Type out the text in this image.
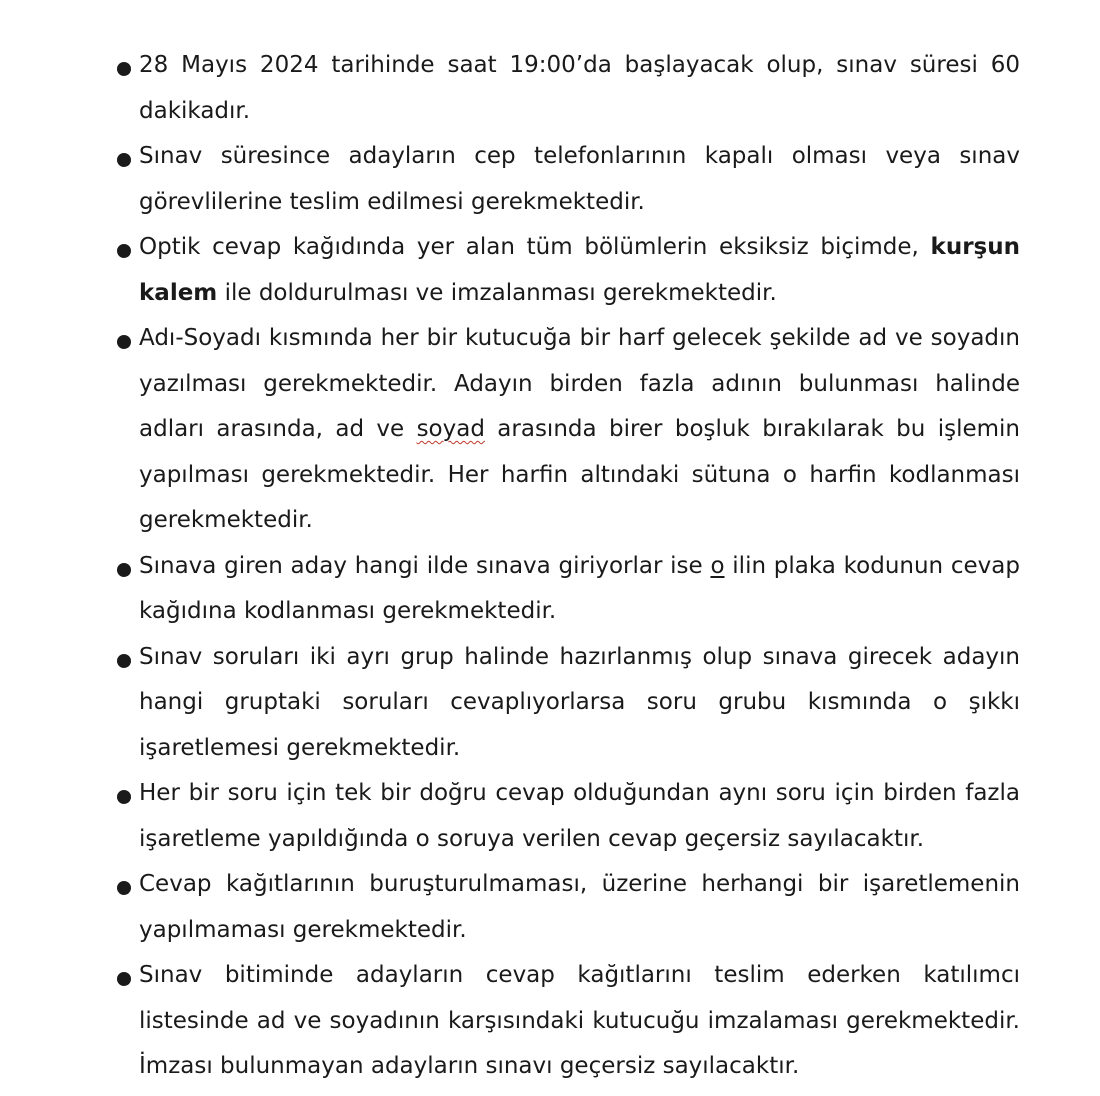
28 Mayıs 2024 tarihinde saat 19:00’da başlayacak olup, sınav süresi 60 dakikadır.
Sınav süresince adayların cep telefonlarının kapalı olması veya sınav görevlilerine teslim edilmesi gerekmektedir.
Optik cevap kağıdında yer alan tüm bölümlerin eksiksiz biçimde, kurşun kalem ile doldurulması ve imzalanması gerekmektedir.
Adı-Soyadı kısmında her bir kutucuğa bir harf gelecek şekilde ad ve soyadın yazılması gerekmektedir. Adayın birden fazla adının bulunması halinde adları arasında, ad ve soyad arasında birer boşluk bırakılarak bu işlemin yapılması gerekmektedir. Her harfin altındaki sütuna o harfin kodlanması gerekmektedir.
Sınava giren aday hangi ilde sınava giriyorlar ise o ilin plaka kodunun cevap kağıdına kodlanması gerekmektedir.
Sınav soruları iki ayrı grup halinde hazırlanmış olup sınava girecek adayın hangi gruptaki soruları cevaplıyorlarsa soru grubu kısmında o şıkkı işaretlemesi gerekmektedir.
Her bir soru için tek bir doğru cevap olduğundan aynı soru için birden fazla işaretleme yapıldığında o soruya verilen cevap geçersiz sayılacaktır.
Cevap kağıtlarının buruşturulmaması, üzerine herhangi bir işaretlemenin yapılmaması gerekmektedir.
Sınav bitiminde adayların cevap kağıtlarını teslim ederken katılımcı listesinde ad ve soyadının karşısındaki kutucuğu imzalaması gerekmektedir. İmzası bulunmayan adayların sınavı geçersiz sayılacaktır.
